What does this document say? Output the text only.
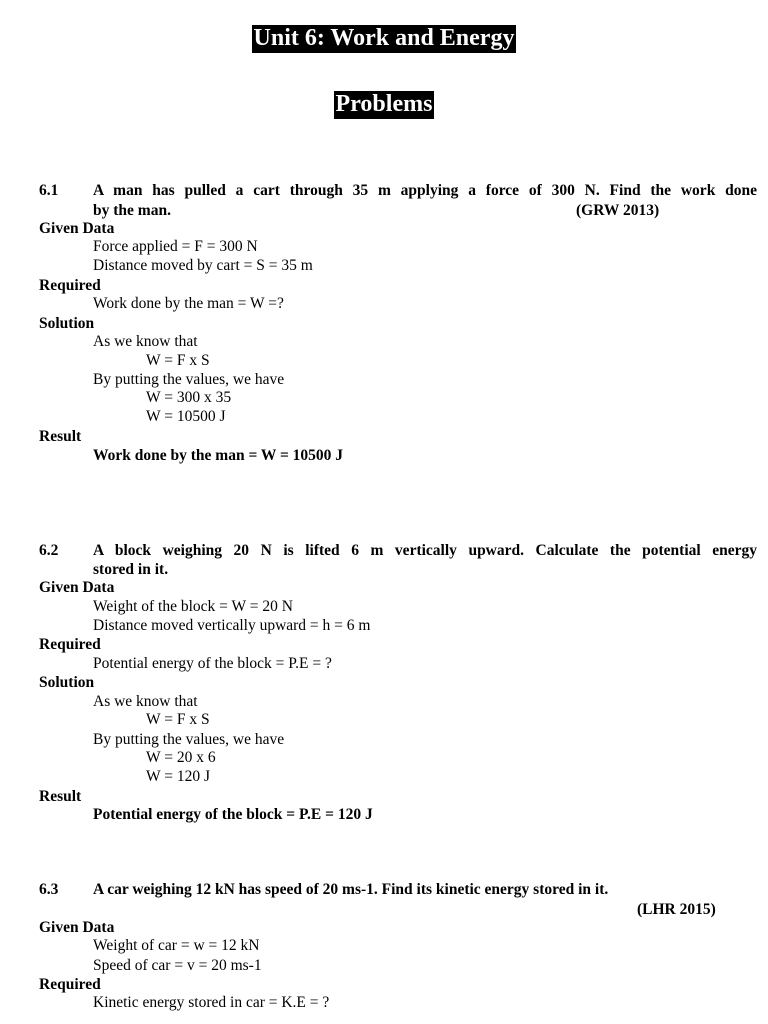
Unit 6: Work and Energy
Problems
6.1 A man has pulled a cart through 35 m applying a force of 300 N. Find the work done
by the man.	(GRW 2013)
Given Data
Force applied = F = 300 N
Distance moved by cart = S = 35 m
Required
Work done by the man = W =?
Solution
As we know that
W = F x S
By putting the values, we have
W = 300 x 35
W = 10500 J
Result
Work done by the man = W = 10500 J
6.2 A block weighing 20 N is lifted 6 m vertically upward. Calculate the potential energy
stored in it.
Given Data
Weight of the block = W = 20 N
Distance moved vertically upward = h = 6 m
Required
Potential energy of the block = P.E = ?
Solution
As we know that
W = F x S
By putting the values, we have
W = 20 x 6
W = 120 J
Result
Potential energy of the block = P.E = 120 J
6.3 A car weighing 12 kN has speed of 20 ms-1. Find its kinetic energy stored in it.
(LHR 2015)
Given Data
Weight of car = w = 12 kN
Speed of car = v = 20 ms-1
Required
Kinetic energy stored in car = K.E = ?
